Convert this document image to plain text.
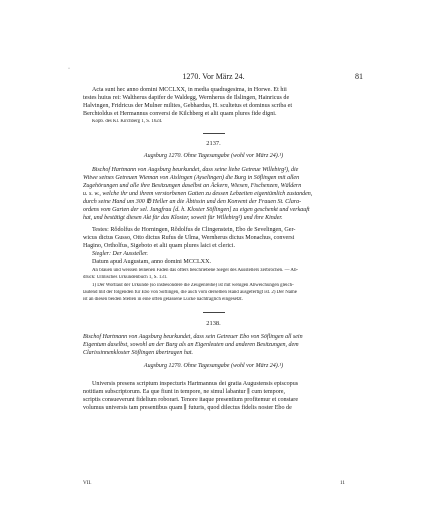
1270. Vor März 24.	81
·
Acta sunt hec anno domini MCCLXX, in media quadragesima, in Horwe. Et hii
testes huius rei: Waltherus dapifer de Waldegg, Wernherus de Ilslingen, Hainricus de
Halvingen, Fridricus der Mulner milites, Gebhardus, H. scultetus et dominus scriba et
Berchtoldus et Hermannus conversi de Kilchberg et alii quam plures fide digni.
Kopb. des Kl. Kirchberg 1, S. 1624.
2137.
Augsburg 1270. Ohne Tagesangabe (wohl vor März 24).¹)
Bischof Hartmann von Augsburg beurkundet, dass seine liebe Getreue Willebirg²), die
Witwe seines Getreuen Wieman von Aislingen (Ayselingen) die Burg in Söflingen mit allen
Zugehörungen und alle ihre Besitzungen daselbst an Äckern, Wiesen, Fischenzen, Wäldern
u. s. w., welche ihr und ihrem verstorbenen Gatten zu dessen Lebzeiten eigentümlich zustanden,
durch seine Hand um 300 ℔ Heller an die Äbtissin und den Konvent der Frauen St. Clara-
ordens vom Garten der sel. Jungfrau [d. h. Kloster Söflingen] zu eigen geschenkt und verkauft
hat, und bestätigt diesen Akt für das Kloster, soweit für Willebirg²) und ihre Kinder.
Testes: Rŏdolfus de Horningen, Rŏdolfus de Clingenstein, Ebo de Sevelingen, Ger-
wicus dictus Gusso, Otto dictus Rufus de Ulma, Wernherus dictus Monachus, conversi
Hagino, Ortholfus, Sigeboto et alii quam plures laici et clerici.
Siegler: Der Aussteller.
Datum apud Augustam, anno domini MCCLXX.
An blauen und weissen leinenen Fäden das öfters beschriebene Siegel des Ausstellers zerbrochen. — Ab-
druck: Ulmisches Urkundenbuch 1, S. 131.
1) Der Wortlaut der Urkunde (so insbesondere die Zeugenreihe) ist mit wenigen Abweichungen gleich-
lautend mit der folgenden für Ebo von Söflingen, die auch vom derselben Hand ausgefertigt ist. 2) Der Name
ist an diesen beiden Stellen in eine offen gelassene Lücke nachträglich eingesetzt.
2138.
Bischof Hartmann von Augsburg beurkundet, dass sein Getreuer Ebo von Söflingen all sein
Eigentum daselbst, sowohl an der Burg als an Eigenleuten und anderen Besitzungen, dem
Clarissinnenkloster Söflingen übertragen hat.
Augsburg 1270. Ohne Tagesangabe (wohl vor März 24).¹)
Universis presens scriptum inspecturis Hartmannus dei gratia Augustensis episcopus
notitiam subscriptorum. Ea que fiunt in tempore, ne simul labantur ∥ cum tempore,
scriptis consueverunt fidelium roborari. Tenore itaque presentium profitemur et constare
volumus universis tam presentibus quam ∥ futuris, quod dilectus fidelis noster Ebo de
VII.	11
